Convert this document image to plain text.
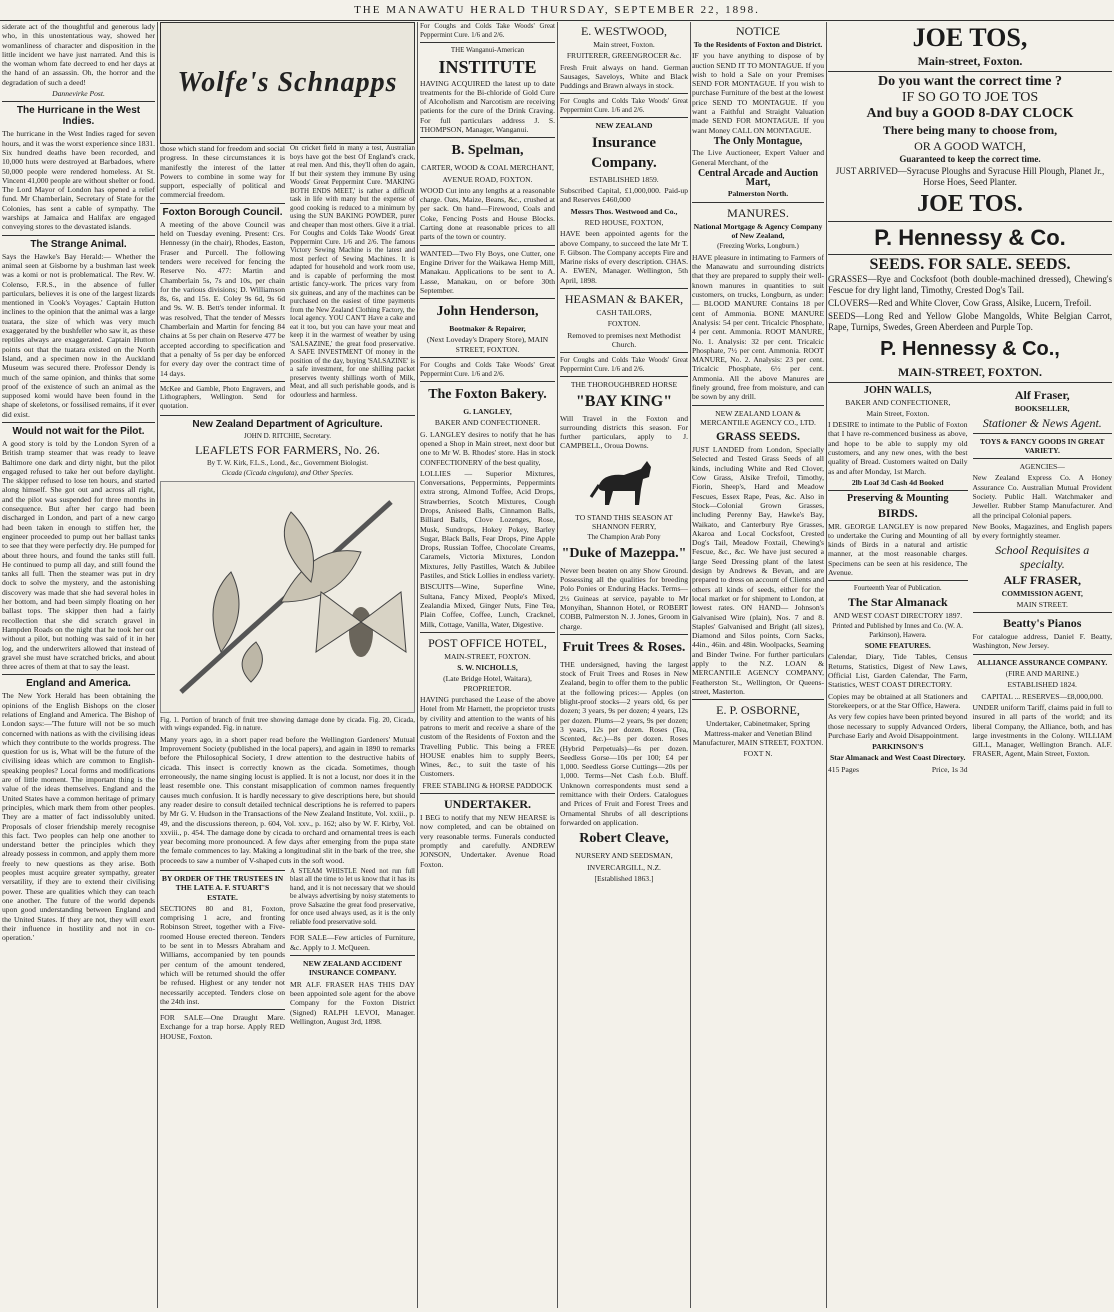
THE MANAWATU HERALD THURSDAY, SEPTEMBER 22, 1898.

siderate act of the thoughtful and generous lady who, in this unostentatious way, showed her womanliness of character and disposition in the little incident we have just narrated. And this is the woman whom fate decreed to end her days at the hand of an assassin. Oh, the horror and the degradation of such a deed!

Dannevirke Post.

The Hurricane in the West Indies.

The hurricane in the West Indies raged for seven hours, and it was the worst experience since 1831. Six hundred deaths have been recorded, and 10,000 huts were destroyed at Barbadoes, where 50,000 people were rendered homeless. At St. Vincent 41,000 people are without shelter or food. The Lord Mayor of London has opened a relief fund. Mr Chamberlain, Secretary of State for the Colonies, has sent a cable of sympathy. The warships at Jamaica and Halifax are engaged conveying stores to the devastated islands.

The Strange Animal.

Says the Hawke's Bay Herald:— Whether the animal seen at Gisborne by a bushman last week was a komi or not is problematical. The Rev. W. Colenso, F.R.S., in the absence of fuller particulars, believes it is one of the largest lizards mentioned in 'Cook's Voyages.' Captain Hutton inclines to the opinion that the animal was a large tuatara, the size of which was very much exaggerated by the bushfeller who saw it, as these reptiles always are exaggerated. Captain Hutton points out that the tuatara existed on the North Island, and a specimen now in the Auckland Museum was secured there. Professor Dendy is much of the same opinion, and thinks that some proof of the existence of such an animal as the supposed komi would have been found in the shape of skeletons, or fossilised remains, if it ever did exist.

Would not wait for the Pilot.

A good story is told by the London Syren of a British tramp steamer that was ready to leave Baltimore one dark and dirty night, but the pilot engaged refused to take her out before daylight. The skipper refused to lose ten hours, and started along himself. She got out and across all right, and the pilot was suspended for three months in consequence. But after her cargo had been discharged in London, and part of a new cargo had been taken in enough to stiffen her, the engineer proceeded to pump out her ballast tanks to see that they were perfectly dry. He pumped for about three hours, and found the tanks still full. He continued to pump all day, and still found the tanks all full. Then the steamer was put in dry dock to solve the mystery, and the astonishing discovery was made that she had several holes in her bottom, and had been simply floating on her ballast tops. The skipper then had a fairly recollection that she did scratch gravel in Hampden Roads on the night that he took her out without a pilot, but nothing was said of it in her log, and the underwriters allowed that instead of gravel she must have scratched bricks, and about three acres of them at that to say the least.

England and America.

The New York Herald has been obtaining the opinions of the English Bishops on the closer relations of England and America. The Bishop of London says:—'The future will not be so much concerned with nations as with the civilising ideas which they contribute to the worlds progress. The question for us is, What will be the future of the civilising ideas which are common to English-speaking peoples? Local forms and modifications are of little moment. The important thing is the value of the ideas themselves. England and the United States have a common heritage of primary principles, which mark them from other peoples. They are a matter of fact indissolubly united. Proposals of closer friendship merely recognise this fact. Two peoples can help one another to understand better the principles which they already possess in common, and apply them more freely to new questions as they arise. Both peoples must acquire greater sympathy, greater versatility, if they are to extend their civilising power. These are qualities which they can teach one another. The future of the world depends upon good understanding between England and the United States. If they are not, they will exert their influence in hostility and not in co-operation.'

Wolfe's Schnapps

those which stand for freedom and social progress. In these circumstances it is manifestly the interest of the latter Powers to combine in some way for support, especially of political and commercial freedom.

Foxton Borough Council.

A meeting of the above Council was held on Tuesday evening. Present: Crs. Hennessy (in the chair), Rhodes, Easton, Fraser and Purcell. The following tenders were received for fencing the Reserve No. 477: Martin and Chamberlain 5s, 7s and 10s, per chain for the various divisions; D. Williamson 8s, 6s, and 15s. E. Coley 9s 6d, 9s 6d and 9s. W. B. Bett's tender informal. It was resolved, That the tender of Messrs Chamberlain and Martin for fencing 84 chains at 5s per chain on Reserve 477 be accepted according to specification and that a penalty of 5s per day be enforced for every day over the contract time of 14 days.

McKee and Gamble, Photo Engravers, and Lithographers, Wellington. Send for quotation.

On cricket field in many a test, Australian boys have got the best Of England's crack, at real men. And this, they'll often do again, If but their system they immune By using Woods' Great Peppermint Cure. 'MAKING BOTH ENDS MEET,' is rather a difficult task in life with many but the expense of good cooking is reduced to a minimum by using the SUN BAKING POWDER, purer and cheaper than most others. Give it a trial. For Coughs and Colds Take Woods' Great Peppermint Cure. 1/6 and 2/6. The famous Victory Sewing Machine is the latest and most perfect of Sewing Machines. It is adapted for household and work room use, and is capable of performing the most artistic fancy-work. The prices vary from six guineas, and any of the machines can be purchased on the easiest of time payments from the New Zealand Clothing Factory, the local agency. YOU CAN'T Have a cake and eat it too, but you can have your meat and keep it in the warmest of weather by using 'SALSAZINE,' the great food preservative. A SAFE INVESTMENT Of money in the position of the day, buying 'SALSAZINE' is a safe investment, for one shilling packet preserves twenty shillings worth of Milk, Meat, and all such perishable goods, and is odourless and harmless.

New Zealand Department of Agriculture.

JOHN D. RITCHIE, Secretary.

LEAFLETS FOR FARMERS, No. 26.

By T. W. Kirk, F.L.S., Lond., &c., Government Biologist.

Cicada (Cicada cingulata), and Other Species.

Fig. 1. Portion of branch of fruit tree showing damage done by cicada. Fig. 20, Cicada, with wings expanded. Fig. in nature.

Many years ago, in a short paper read before the Wellington Gardeners' Mutual Improvement Society (published in the local papers), and again in 1890 to remarks before the Philosophical Society, I drew attention to the destructive habits of cicada. This insect is correctly known as the cicada. Sometimes, though erroneously, the name singing locust is applied. It is not a locust, nor does it in the least resemble one. This constant misapplication of common names frequently causes much confusion. It is hardly necessary to give descriptions here, but should any reader desire to consult detailed technical descriptions he is referred to papers by Mr G. V. Hudson in the Transactions of the New Zealand Institute, Vol. xxiii., p. 49, and the discussions thereon, p. 604, Vol. xxv., p. 162; also by W. F. Kirby, Vol. xxviii., p. 454. The damage done by cicada to orchard and ornamental trees is each year becoming more pronounced. A few days after emerging from the pupa state the female commences to lay. Making a longitudinal slit in the bark of the tree, she proceeds to saw a number of V-shaped cuts in the soft wood.

BY ORDER OF THE TRUSTEES IN THE LATE A. F. STUART'S ESTATE.

SECTIONS 80 and 81, Foxton, comprising 1 acre, and fronting Robinson Street, together with a Five-roomed House erected thereon. Tenders to be sent in to Messrs Abraham and Williams, accompanied by ten pounds per centum of the amount tendered, which will be returned should the offer be refused. Highest or any tender not necessarily accepted. Tenders close on the 24th inst.

FOR SALE—One Draught Mare. Exchange for a trap horse. Apply RED HOUSE, Foxton.

A STEAM WHISTLE Need not run full blast all the time to let us know that it has its hand, and it is not necessary that we should be always advertising by noisy statements to prove Salsazine the great food preservative, for once used always used, as it is the only reliable food preservative sold.

FOR SALE—Few articles of Furniture, &c. Apply to J. McQueen.

NEW ZEALAND ACCIDENT INSURANCE COMPANY.

MR ALF. FRASER HAS THIS DAY been appointed sole agent for the above Company for the Foxton District (Signed) RALPH LEVOI, Manager. Wellington, August 3rd, 1898.

For Coughs and Colds Take Woods' Great Peppermint Cure. 1/6 and 2/6.

THE Wanganui-American

INSTITUTE

HAVING ACQUIRED the latest up to date treatments for the Bi-chloride of Gold Cure of Alcoholism and Narcotism are receiving patients for the cure of the Drink Craving. For full particulars address J. S. THOMPSON, Manager, Wanganui.

B. Spelman,

CARTER, WOOD & COAL MERCHANT,

AVENUE ROAD, FOXTON.

WOOD Cut into any lengths at a reasonable charge. Oats, Maize, Beans, &c., crushed at per sack. On hand—Firewood, Coals and Coke, Fencing Posts and House Blocks. Carting done at reasonable prices to all parts of the town or country.

WANTED—Two Fly Boys, one Cutter, one Engine Driver for the Waikawa Hemp Mill, Manakau. Applications to be sent to A. Lasse, Manakau, on or before 30th September.

John Henderson,

Bootmaker & Repairer,

(Next Loveday's Drapery Store), MAIN STREET, FOXTON.

For Coughs and Colds Take Woods' Great Peppermint Cure. 1/6 and 2/6.

The Foxton Bakery.

G. LANGLEY,

BAKER AND CONFECTIONER.

G. LANGLEY desires to notify that he has opened a Shop in Main street, next door but one to Mr W. B. Rhodes' store. Has in stock CONFECTIONERY of the best quality,

LOLLIES — Superior Mixtures, Conversations, Peppermints, Peppermints extra strong, Almond Toffee, Acid Drops, Strawberries, Scotch Mixtures, Cough Drops, Aniseed Balls, Cinnamon Balls, Billiard Balls, Clove Lozenges, Rose, Musk, Sundrops, Hokey Pokey, Barley Sugar, Black Balls, Fear Drops, Pine Apple Drops, Russian Toffee, Chocolate Creams, Caramels, Victoria Mixtures, London Mixtures, Jelly Pastilles, Watch & Jubilee Pastiles, and Stick Lollies in endless variety.

BISCUITS—Wine, Superfine Wine, Sultana, Fancy Mixed, People's Mixed, Zealandia Mixed, Ginger Nuts, Fine Tea, Plain Coffee, Coffee, Lunch, Cracknel, Milk, Cottage, Vanilla, Water, Digestive.

POST OFFICE HOTEL,

MAIN-STREET, FOXTON.

S. W. NICHOLLS,

(Late Bridge Hotel, Waitara), PROPRIETOR.

HAVING purchased the Lease of the above Hotel from Mr Harnett, the proprietor trusts by civility and attention to the wants of his patrons to merit and receive a share of the custom of the Residents of Foxton and the Travelling Public. This being a FREE HOUSE enables him to supply Beers, Wines, &c., to suit the taste of his Customers.

FREE STABLING & HORSE PADDOCK

UNDERTAKER.

I BEG to notify that my NEW HEARSE is now completed, and can be obtained on very reasonable terms. Funerals conducted promptly and carefully. ANDREW JONSON, Undertaker. Avenue Road Foxton.

E. WESTWOOD,

Main street, Foxton.

FRUITERER, GREENGROCER &c.

Fresh Fruit always on hand. German Sausages, Saveloys, White and Black Puddings and Brawn always in stock.

For Coughs and Colds Take Woods' Great Peppermint Cure. 1/6 and 2/6.

NEW ZEALAND

Insurance Company.

ESTABLISHED 1859.

Subscribed Capital, £1,000,000. Paid-up and Reserves £460,000

Messrs Thos. Westwood and Co.,

RED HOUSE, FOXTON,

HAVE been appointed agents for the above Company, to succeed the late Mr T. F. Gibson. The Company accepts Fire and Marine risks of every description. CHAS. A. EWEN, Manager. Wellington, 5th April, 1898.

HEASMAN & BAKER,

CASH TAILORS,

FOXTON.

Removed to premises next Methodist Church.

For Coughs and Colds Take Woods' Great Peppermint Cure. 1/6 and 2/6.

THE THOROUGHBRED HORSE

"BAY KING"

Will Travel in the Foxton and surrounding districts this season. For further particulars, apply to J. CAMPBELL, Oroua Downs.

TO STAND THIS SEASON AT SHANNON FERRY,

The Champion Arab Pony

"Duke of Mazeppa."

Never been beaten on any Show Ground. Possessing all the qualities for breeding Polo Ponies or Enduring Hacks. Terms—2½ Guineas at service, payable to Mr Monyihan, Shannon Hotel, or ROBERT COBB, Palmerston N. J. Jones, Groom in charge.

Fruit Trees & Roses.

THE undersigned, having the largest stock of Fruit Trees and Roses in New Zealand, begin to offer them to the public at the following prices:— Apples (on blight-proof stocks—2 years old, 6s per dozen; 3 years, 9s per dozen; 4 years, 12s per dozen. Plums—2 years, 9s per dozen; 3 years, 12s per dozen. Roses (Tea, Scented, &c.)—8s per dozen. Roses (Hybrid Perpetuals)—6s per dozen. Seedless Gorse—10s per 100; £4 per 1,000. Seedless Gorse Cuttings—20s per 1,000. Terms—Net Cash f.o.b. Bluff. Unknown correspondents must send a remittance with their Orders. Catalogues and Prices of Fruit and Forest Trees and Ornamental Shrubs of all descriptions forwarded on application.

Robert Cleave,

NURSERY AND SEEDSMAN,

INVERCARGILL, N.Z.

[Established 1863.]

NOTICE

To the Residents of Foxton and District.

IF you have anything to dispose of by auction SEND IT TO MONTAGUE. If you wish to hold a Sale on your Premises SEND FOR MONTAGUE. If you wish to purchase Furniture of the best at the lowest price SEND TO MONTAGUE. If you want a Faithful and Straight Valuation made SEND FOR MONTAGUE. If you want Money CALL ON MONTAGUE.

The Only Montague,

The Live Auctioneer, Expert Valuer and General Merchant, of the

Central Arcade and Auction Mart,

Palmerston North.

MANURES.

National Mortgage & Agency Company of New Zealand,

(Freezing Works, Longburn.)

HAVE pleasure in intimating to Farmers of the Manawatu and surrounding districts that they are prepared to supply their well-known manures in quantities to suit customers, on trucks, Longburn, as under:— BLOOD MANURE Contains 18 per cent of Ammonia. BONE MANURE Analysis: 54 per cent. Tricalcic Phosphate, 4 per cent. Ammonia. ROOT MANURE, No. 1. Analysis: 32 per cent. Tricalcic Phosphate, 7½ per cent. Ammonia. ROOT MANURE, No. 2. Analysis: 23 per cent. Tricalcic Phosphate, 6½ per cent. Ammonia. All the above Manures are finely ground, free from moisture, and can be sown by any drill.

NEW ZEALAND LOAN & MERCANTILE AGENCY CO., LTD.

GRASS SEEDS.

JUST LANDED from London, Specially Selected and Tested Grass Seeds of all kinds, including White and Red Clover, Cow Grass, Alsike Trefoil, Timothy, Fiorin, Sheep's, Hard and Meadow Fescues, Essex Rape, Peas, &c. Also in Stock—Colonial Grown Grasses, including Perenny Bay, Hawke's Bay, Waikato, and Canterbury Rye Grasses, Akaroa and Local Cocksfoot, Crested Dog's Tail, Meadow Foxtail, Chewing's Fescue, &c., &c. We have just secured a large Seed Dressing plant of the latest design by Andrews & Bevan, and are prepared to dress on account of Clients and others all kinds of seeds, either for the local market or for shipment to London, at lowest rates. ON HAND— Johnson's Galvanised Wire (plain), Nos. 7 and 8. Staples' Galvanised and Bright (all sizes), Diamond and Silos points, Corn Sacks, 44in., 46in. and 48in. Woolpacks, Seaming and Binder Twine. For further particulars apply to the N.Z. LOAN & MERCANTILE AGENCY COMPANY, Featherston St., Wellington, Or Queens-street, Masterton.

E. P. OSBORNE,

Undertaker, Cabinetmaker, Spring Mattress-maker and Venetian Blind Manufacturer, MAIN STREET, FOXTON.

FOXT N.

JOE TOS,
Main-street, Foxton.
Do you want the correct time ?
IF SO GO TO JOE TOS
And buy a GOOD 8-DAY CLOCK
There being many to choose from,
OR A GOOD WATCH,

Guaranteed to keep the correct time.

JUST ARRIVED—Syracuse Ploughs and Syracuse Hill Plough, Planet Jr., Horse Hoes, Seed Planter.

JOE TOS.
P. Hennessy & Co.
SEEDS. FOR SALE. SEEDS.

GRASSES—Rye and Cocksfoot (both double-machined dressed), Chewing's Fescue for dry light land, Timothy, Crested Dog's Tail.

CLOVERS—Red and White Clover, Cow Grass, Alsike, Lucern, Trefoil.

SEEDS—Long Red and Yellow Globe Mangolds, White Belgian Carrot, Rape, Turnips, Swedes, Green Aberdeen and Purple Top.

P. Hennessy & Co.,
MAIN-STREET, FOXTON.

JOHN WALLS,

BAKER AND CONFECTIONER,

Main Street, Foxton.

I DESIRE to intimate to the Public of Foxton that I have re-commenced business as above, and hope to be able to supply my old customers, and any new ones, with the best quality of Bread. Customers waited on Daily as and after Monday, 1st March.

2lb Loaf 3d Cash 4d Booked

Preserving & Mounting

BIRDS.

MR. GEORGE LANGLEY is now prepared to undertake the Curing and Mounting of all kinds of Birds in a natural and artistic manner, at the most reasonable charges. Specimens can be seen at his residence, The Avenue.

Fourteenth Year of Publication.

The Star Almanack

AND WEST COAST DIRECTORY 1897.

Printed and Published by Innes and Co. (W. A. Parkinson), Hawera.

SOME FEATURES.

Calendar, Diary, Tide Tables, Census Returns, Statistics, Digest of New Laws, Official List, Garden Calendar, The Farm, Statistics, WEST COAST DIRECTORY.

Copies may be obtained at all Stationers and Storekeepers, or at the Star Office, Hawera.

As very few copies have been printed beyond those necessary to supply Advanced Orders, Purchase Early and Avoid Disappointment.

PARKINSON'S

Star Almanack and West Coast Directory.

415 Pages	Price, 1s 3d

Alf Fraser,

BOOKSELLER,

Stationer & News Agent.

TOYS & FANCY GOODS IN GREAT VARIETY.

AGENCIES—

New Zealand Express Co. A Honey Assurance Co. Australian Mutual Provident Society. Public Hall. Watchmaker and Jeweller. Rubber Stamp Manufacturer. And all the principal Colonial papers.

New Books, Magazines, and English papers by every fortnightly steamer.

School Requisites a specialty.
ALF FRASER,

COMMISSION AGENT,

MAIN STREET.

Beatty's Pianos

For catalogue address, Daniel F. Beatty, Washington, New Jersey.

ALLIANCE ASSURANCE COMPANY.

(FIRE AND MARINE.)

ESTABLISHED 1824.

CAPITAL ... RESERVES—£8,000,000.

UNDER uniform Tariff, claims paid in full to insured in all parts of the world; and its liberal Company, the Alliance, both, and has large investments in the Colony. WILLIAM GILL, Manager, Wellington Branch. ALF. FRASER, Agent, Main Street, Foxton.
